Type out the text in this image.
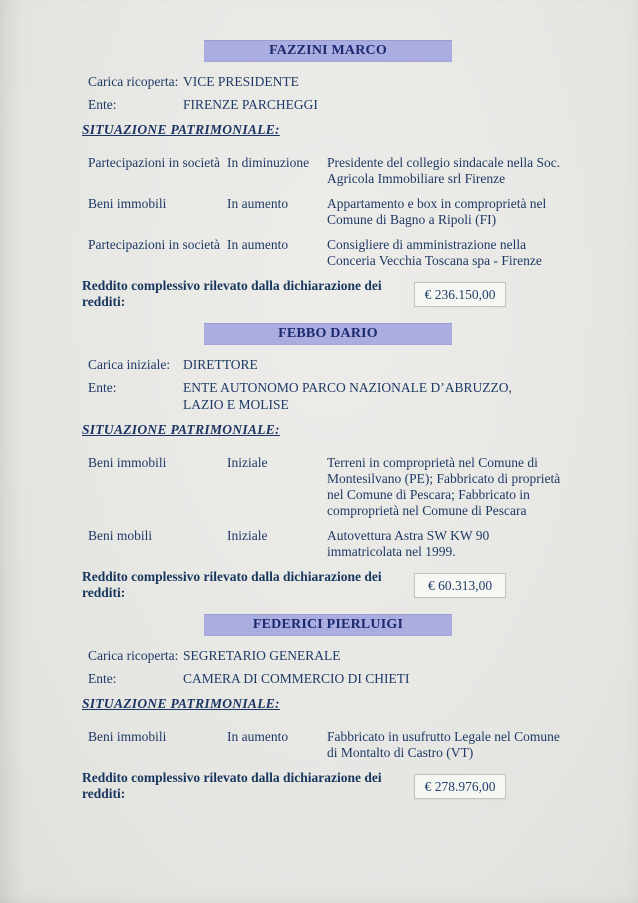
FAZZINI MARCO
Carica ricoperta: VICE PRESIDENTE
Ente:	FIRENZE PARCHEGGI
SITUAZIONE PATRIMONIALE:
Partecipazioni in società In diminuzione	Presidente del collegio sindacale nella Soc. Agricola Immobiliare srl Firenze
Beni immobili	In aumento	Appartamento e box in comproprietà nel Comune di Bagno a Ripoli (FI)
Partecipazioni in società In aumento	Consigliere di amministrazione nella Conceria Vecchia Toscana spa - Firenze
Reddito complessivo rilevato dalla dichiarazione dei redditi:	€ 236.150,00
FEBBO DARIO
Carica iniziale: DIRETTORE
Ente:	ENTE AUTONOMO PARCO NAZIONALE D’ABRUZZO, LAZIO E MOLISE
SITUAZIONE PATRIMONIALE:
Beni immobili	Iniziale	Terreni in comproprietà nel Comune di Montesilvano (PE); Fabbricato di proprietà nel Comune di Pescara; Fabbricato in comproprietà nel Comune di Pescara
Beni mobili	Iniziale	Autovettura Astra SW KW 90 immatricolata nel 1999.
Reddito complessivo rilevato dalla dichiarazione dei redditi:	€ 60.313,00
FEDERICI PIERLUIGI
Carica ricoperta: SEGRETARIO GENERALE
Ente:	CAMERA DI COMMERCIO DI CHIETI
SITUAZIONE PATRIMONIALE:
Beni immobili	In aumento	Fabbricato in usufrutto Legale nel Comune di Montalto di Castro (VT)
Reddito complessivo rilevato dalla dichiarazione dei redditi:	€ 278.976,00
